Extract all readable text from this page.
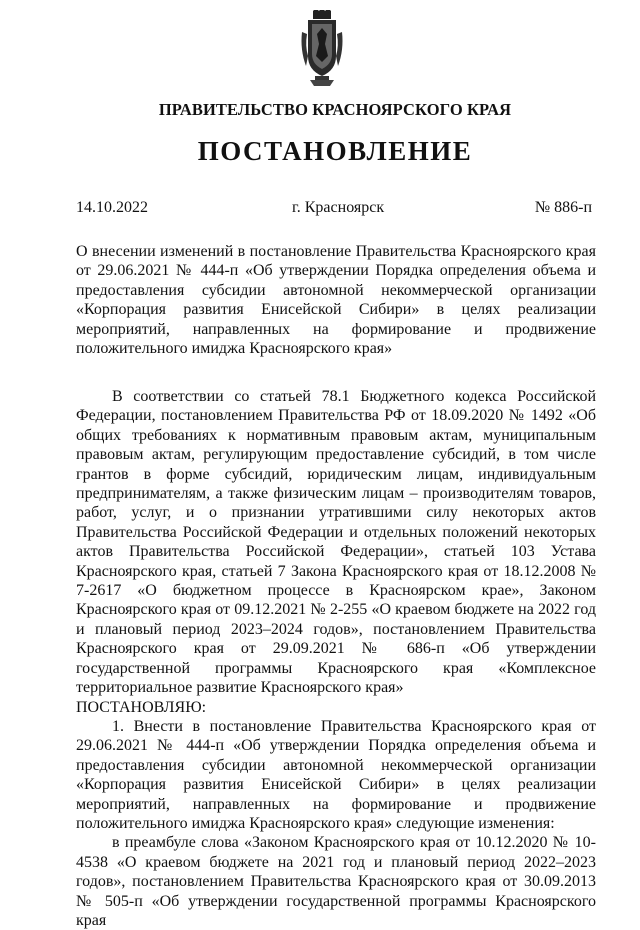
ПРАВИТЕЛЬСТВО КРАСНОЯРСКОГО КРАЯ
ПОСТАНОВЛЕНИЕ
14.10.2022	г. Красноярск	№ 886-п
О внесении изменений в постановление Правительства Красноярского края от 29.06.2021 № 444-п «Об утверждении Порядка определения объема и предоставления субсидии автономной некоммерческой организации «Корпорация развития Енисейской Сибири» в целях реализации мероприятий, направленных на формирование и продвижение положительного имиджа Красноярского края»

В соответствии со статьей 78.1 Бюджетного кодекса Российской Федерации, постановлением Правительства РФ от 18.09.2020 № 1492 «Об общих требованиях к нормативным правовым актам, муниципальным правовым актам, регулирующим предоставление субсидий, в том числе грантов в форме субсидий, юридическим лицам, индивидуальным предпринимателям, а также физическим лицам – производителям товаров, работ, услуг, и о признании утратившими силу некоторых актов Правительства Российской Федерации и отдельных положений некоторых актов Правительства Российской Федерации», статьей 103 Устава Красноярского края, статьей 7 Закона Красноярского края от 18.12.2008 № 7-2617 «О бюджетном процессе в Красноярском крае», Законом Красноярского края от 09.12.2021 № 2-255 «О краевом бюджете на 2022 год и плановый период 2023–2024 годов», постановлением Правительства Красноярского края от 29.09.2021 № 686-п «Об утверждении государственной программы Красноярского края «Комплексное территориальное развитие Красноярского края»

ПОСТАНОВЛЯЮ:

1. Внести в постановление Правительства Красноярского края от 29.06.2021 № 444-п «Об утверждении Порядка определения объема и предоставления субсидии автономной некоммерческой организации «Корпорация развития Енисейской Сибири» в целях реализации мероприятий, направленных на формирование и продвижение положительного имиджа Красноярского края» следующие изменения:

в преамбуле слова «Законом Красноярского края от 10.12.2020 № 10-4538 «О краевом бюджете на 2021 год и плановый период 2022–2023 годов», постановлением Правительства Красноярского края от 30.09.2013 № 505-п «Об утверждении государственной программы Красноярского края
